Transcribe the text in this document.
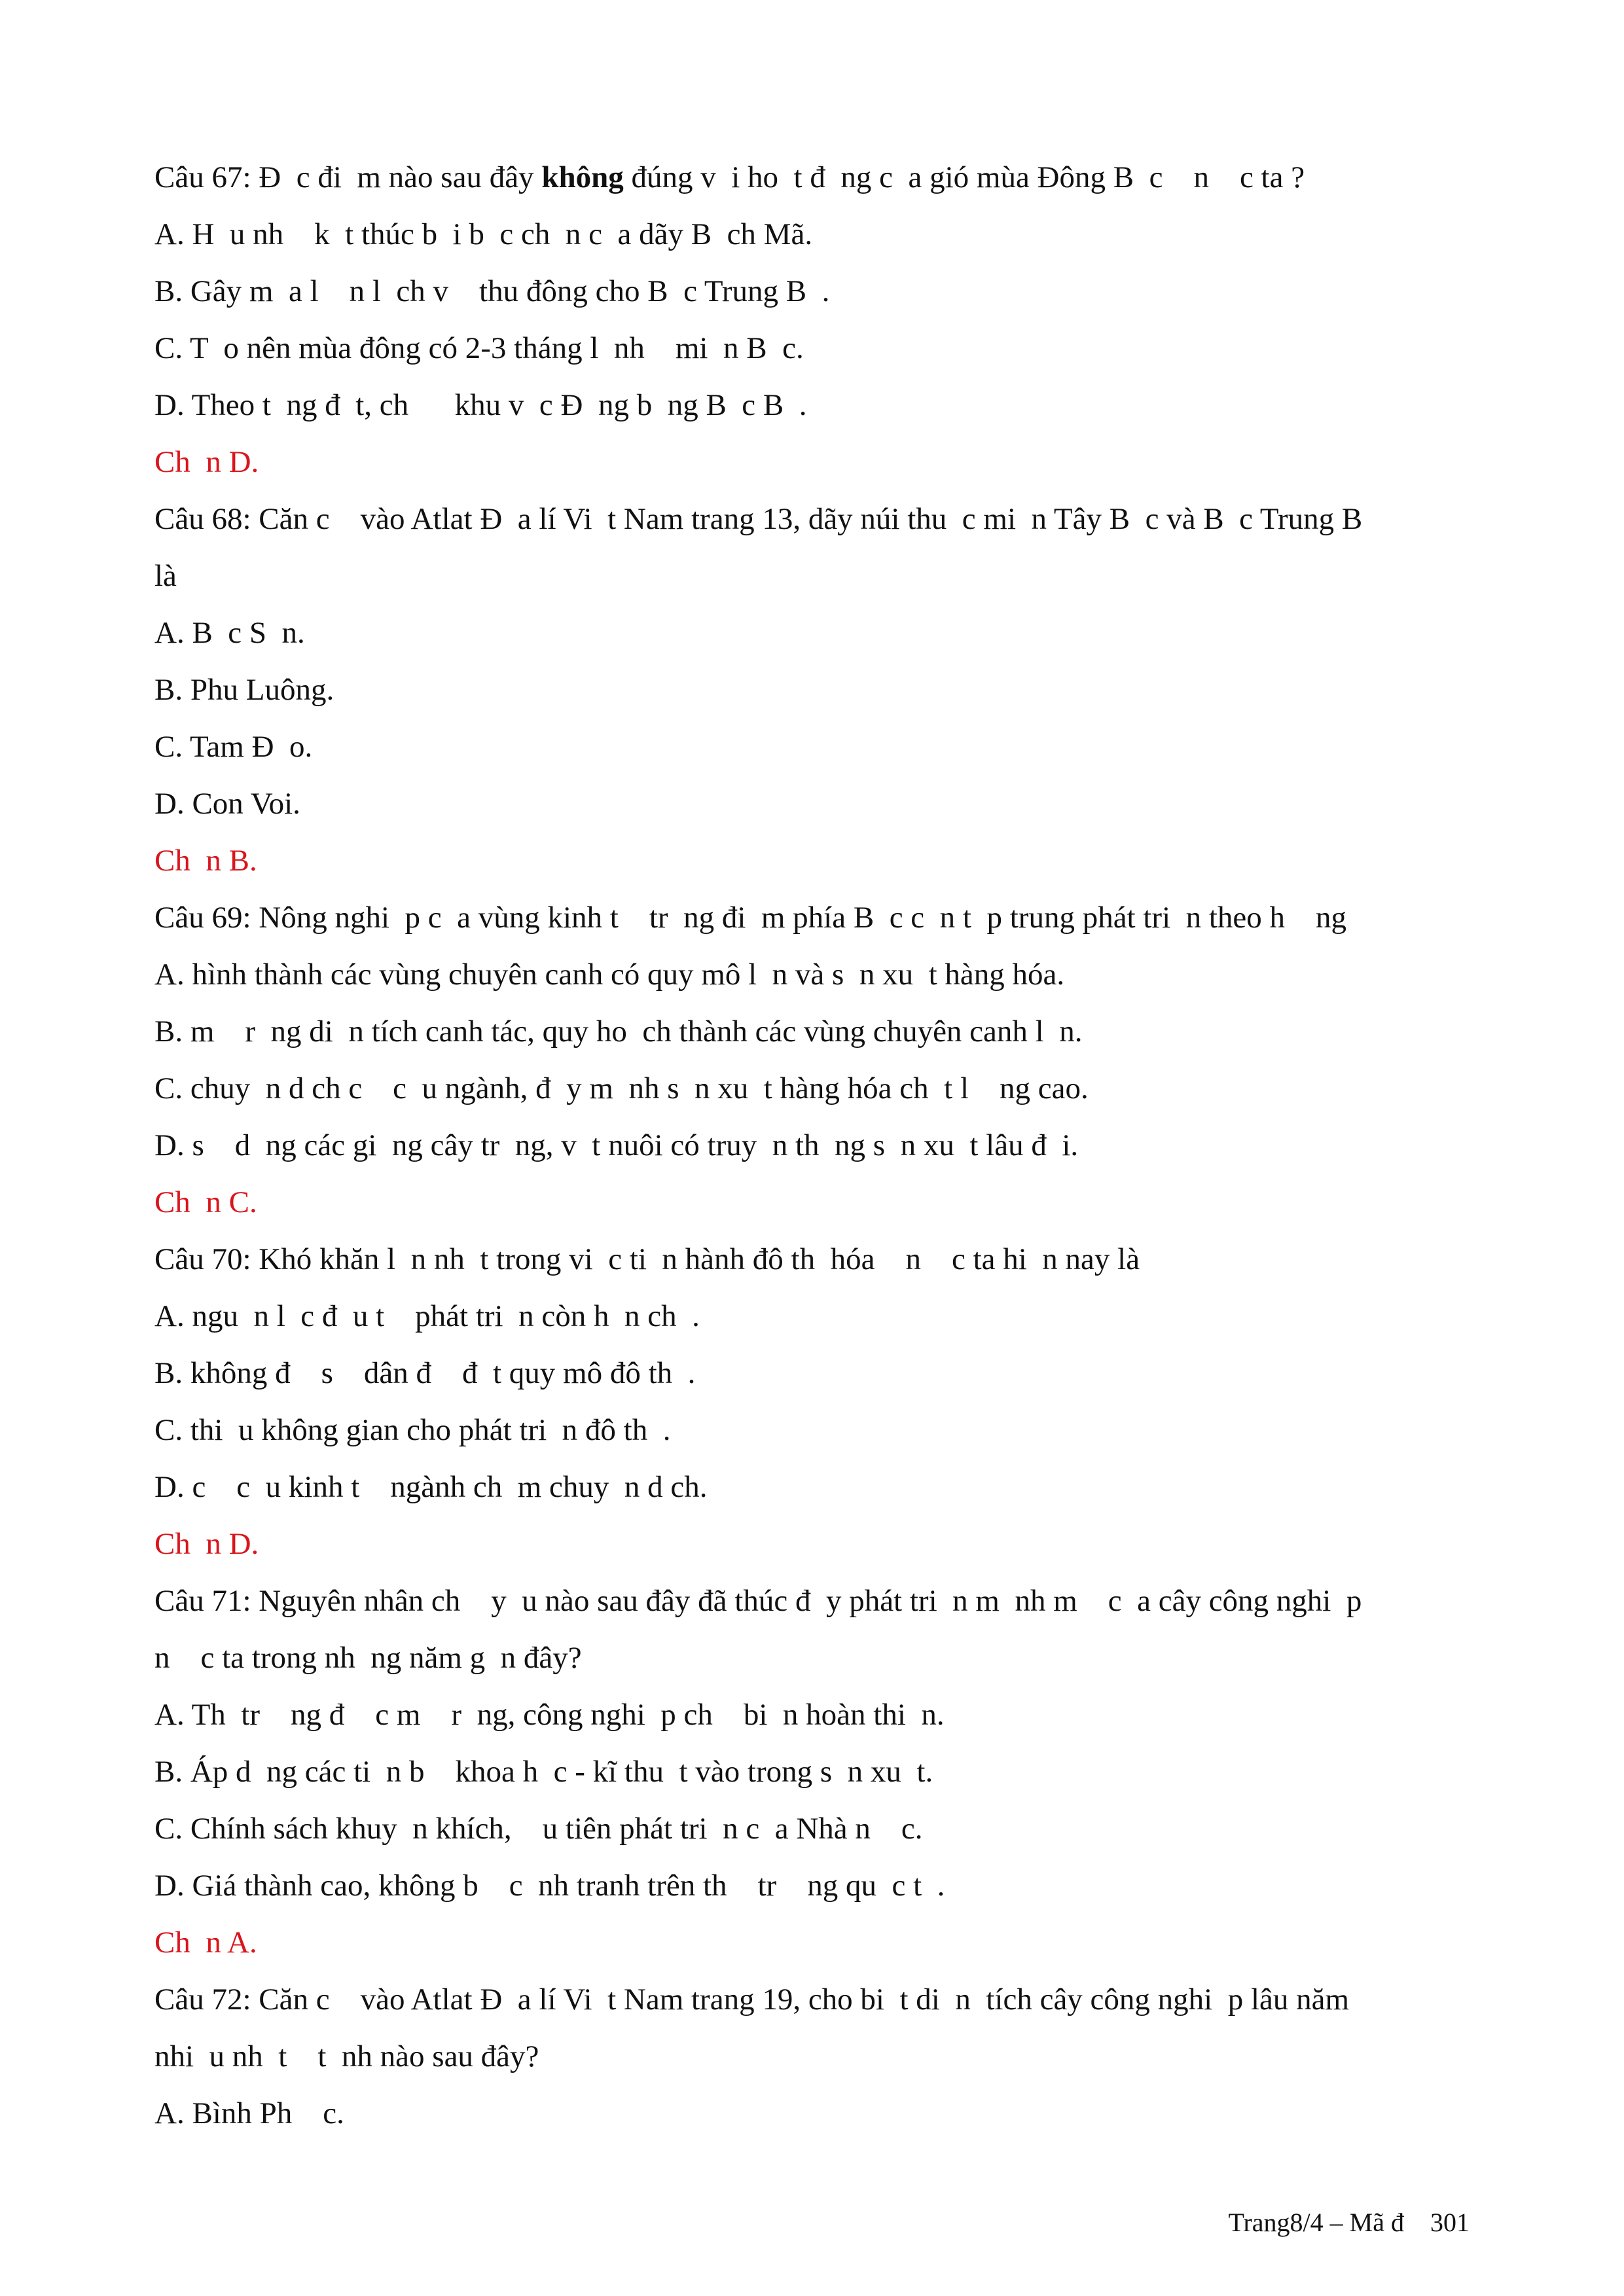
Câu 67: Đ  c đi  m nào sau đây không đúng v  i ho  t đ  ng c  a gió mùa Đông B  c    n    c ta ?

A. H  u nh    k  t thúc b  i b  c ch  n c  a dãy B  ch Mã.

B. Gây m  a l    n l  ch v    thu đông cho B  c Trung B  .

C. T  o nên mùa đông có 2-3 tháng l  nh    mi  n B  c.

D. Theo t  ng đ  t, ch      khu v  c Đ  ng b  ng B  c B  .

Ch  n D.

Câu 68: Căn c    vào Atlat Đ  a lí Vi  t Nam trang 13, dãy núi thu  c mi  n Tây B  c và B  c Trung B

là

A. B  c S  n.

B. Phu Luông.

C. Tam Đ  o.

D. Con Voi.

Ch  n B.

Câu 69: Nông nghi  p c  a vùng kinh t    tr  ng đi  m phía B  c c  n t  p trung phát tri  n theo h    ng

A. hình thành các vùng chuyên canh có quy mô l  n và s  n xu  t hàng hóa.

B. m    r  ng di  n tích canh tác, quy ho  ch thành các vùng chuyên canh l  n.

C. chuy  n d ch c    c  u ngành, đ  y m  nh s  n xu  t hàng hóa ch  t l    ng cao.

D. s    d  ng các gi  ng cây tr  ng, v  t nuôi có truy  n th  ng s  n xu  t lâu đ  i.

Ch  n C.

Câu 70: Khó khăn l  n nh  t trong vi  c ti  n hành đô th  hóa    n    c ta hi  n nay là

A. ngu  n l  c đ  u t    phát tri  n còn h  n ch  .

B. không đ    s    dân đ    đ  t quy mô đô th  .

C. thi  u không gian cho phát tri  n đô th  .

D. c    c  u kinh t    ngành ch  m chuy  n d ch.

Ch  n D.

Câu 71: Nguyên nhân ch    y  u nào sau đây đã thúc đ  y phát tri  n m  nh m    c  a cây công nghi  p

n    c ta trong nh  ng năm g  n đây?

A. Th  tr    ng đ    c m    r  ng, công nghi  p ch    bi  n hoàn thi  n.

B. Áp d  ng các ti  n b    khoa h  c - kĩ thu  t vào trong s  n xu  t.

C. Chính sách khuy  n khích,    u tiên phát tri  n c  a Nhà n    c.

D. Giá thành cao, không b    c  nh tranh trên th    tr    ng qu  c t  .

Ch  n A.

Câu 72: Căn c    vào Atlat Đ  a lí Vi  t Nam trang 19, cho bi  t di  n  tích cây công nghi  p lâu năm

nhi  u nh  t    t  nh nào sau đây?

A. Bình Ph    c.

Trang8/4 – Mã đ    301
